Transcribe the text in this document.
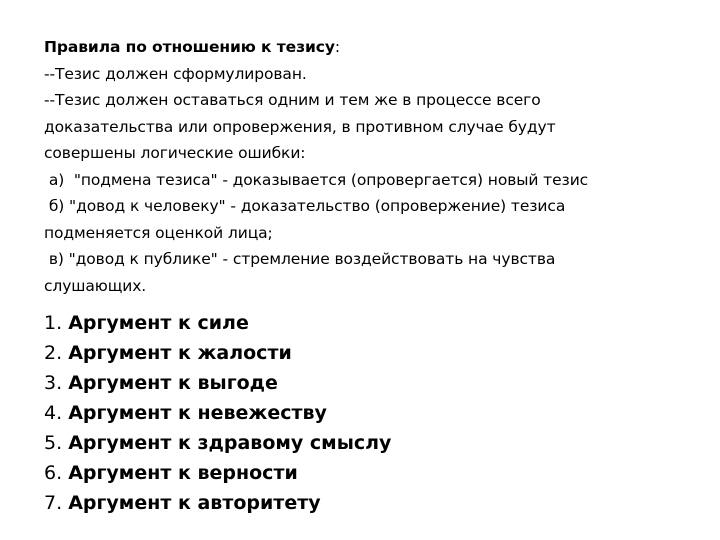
Правила по отношению к тезису:
--Тезис должен сформулирован.
--Тезис должен оставаться одним и тем же в процессе всего
доказательства или опровержения, в противном случае будут
совершены логические ошибки:
а)  "подмена тезиса" - доказывается (опровергается) новый тезис
б) "довод к человеку" - доказательство (опровержение) тезиса
подменяется оценкой лица;
в) "довод к публике" - стремление воздействовать на чувства
слушающих.
1. Аргумент к силе
2. Аргумент к жалости
3. Аргумент к выгоде
4. Аргумент к невежеству
5. Аргумент к здравому смыслу
6. Аргумент к верности
7. Аргумент к авторитету
